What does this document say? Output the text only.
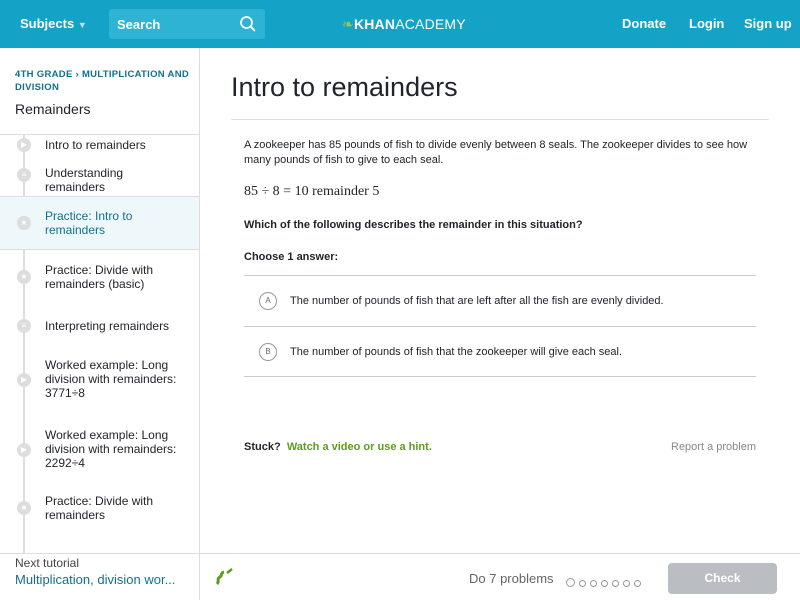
Subjects ▼ Search	❧KHANACADEMY	Donate Login Sign up
4TH GRADE › MULTIPLICATION AND DIVISION
Remainders
▶	Intro to remainders
≡	Understanding remainders
★ Practice: Intro to remainders
★ Practice: Divide with remainders (basic)
≡	Interpreting remainders
▶
Worked example: Long division with remainders: 3771÷8
▶
Worked example: Long division with remainders: 2292÷4
★ Practice: Divide with remainders
Next tutorial
Multiplication, division wor...
Intro to remainders
A zookeeper has 85 pounds of fish to divide evenly between 8 seals. The zookeeper divides to see how many pounds of fish to give to each seal.
85 ÷ 8 = 10 remainder 5
Which of the following describes the remainder in this situation?
Choose 1 answer:
A	The number of pounds of fish that are left after all the fish are evenly divided.
B	The number of pounds of fish that the zookeeper will give each seal.
Stuck? Watch a video or use a hint.	Report a problem
Do 7 problems	Check
